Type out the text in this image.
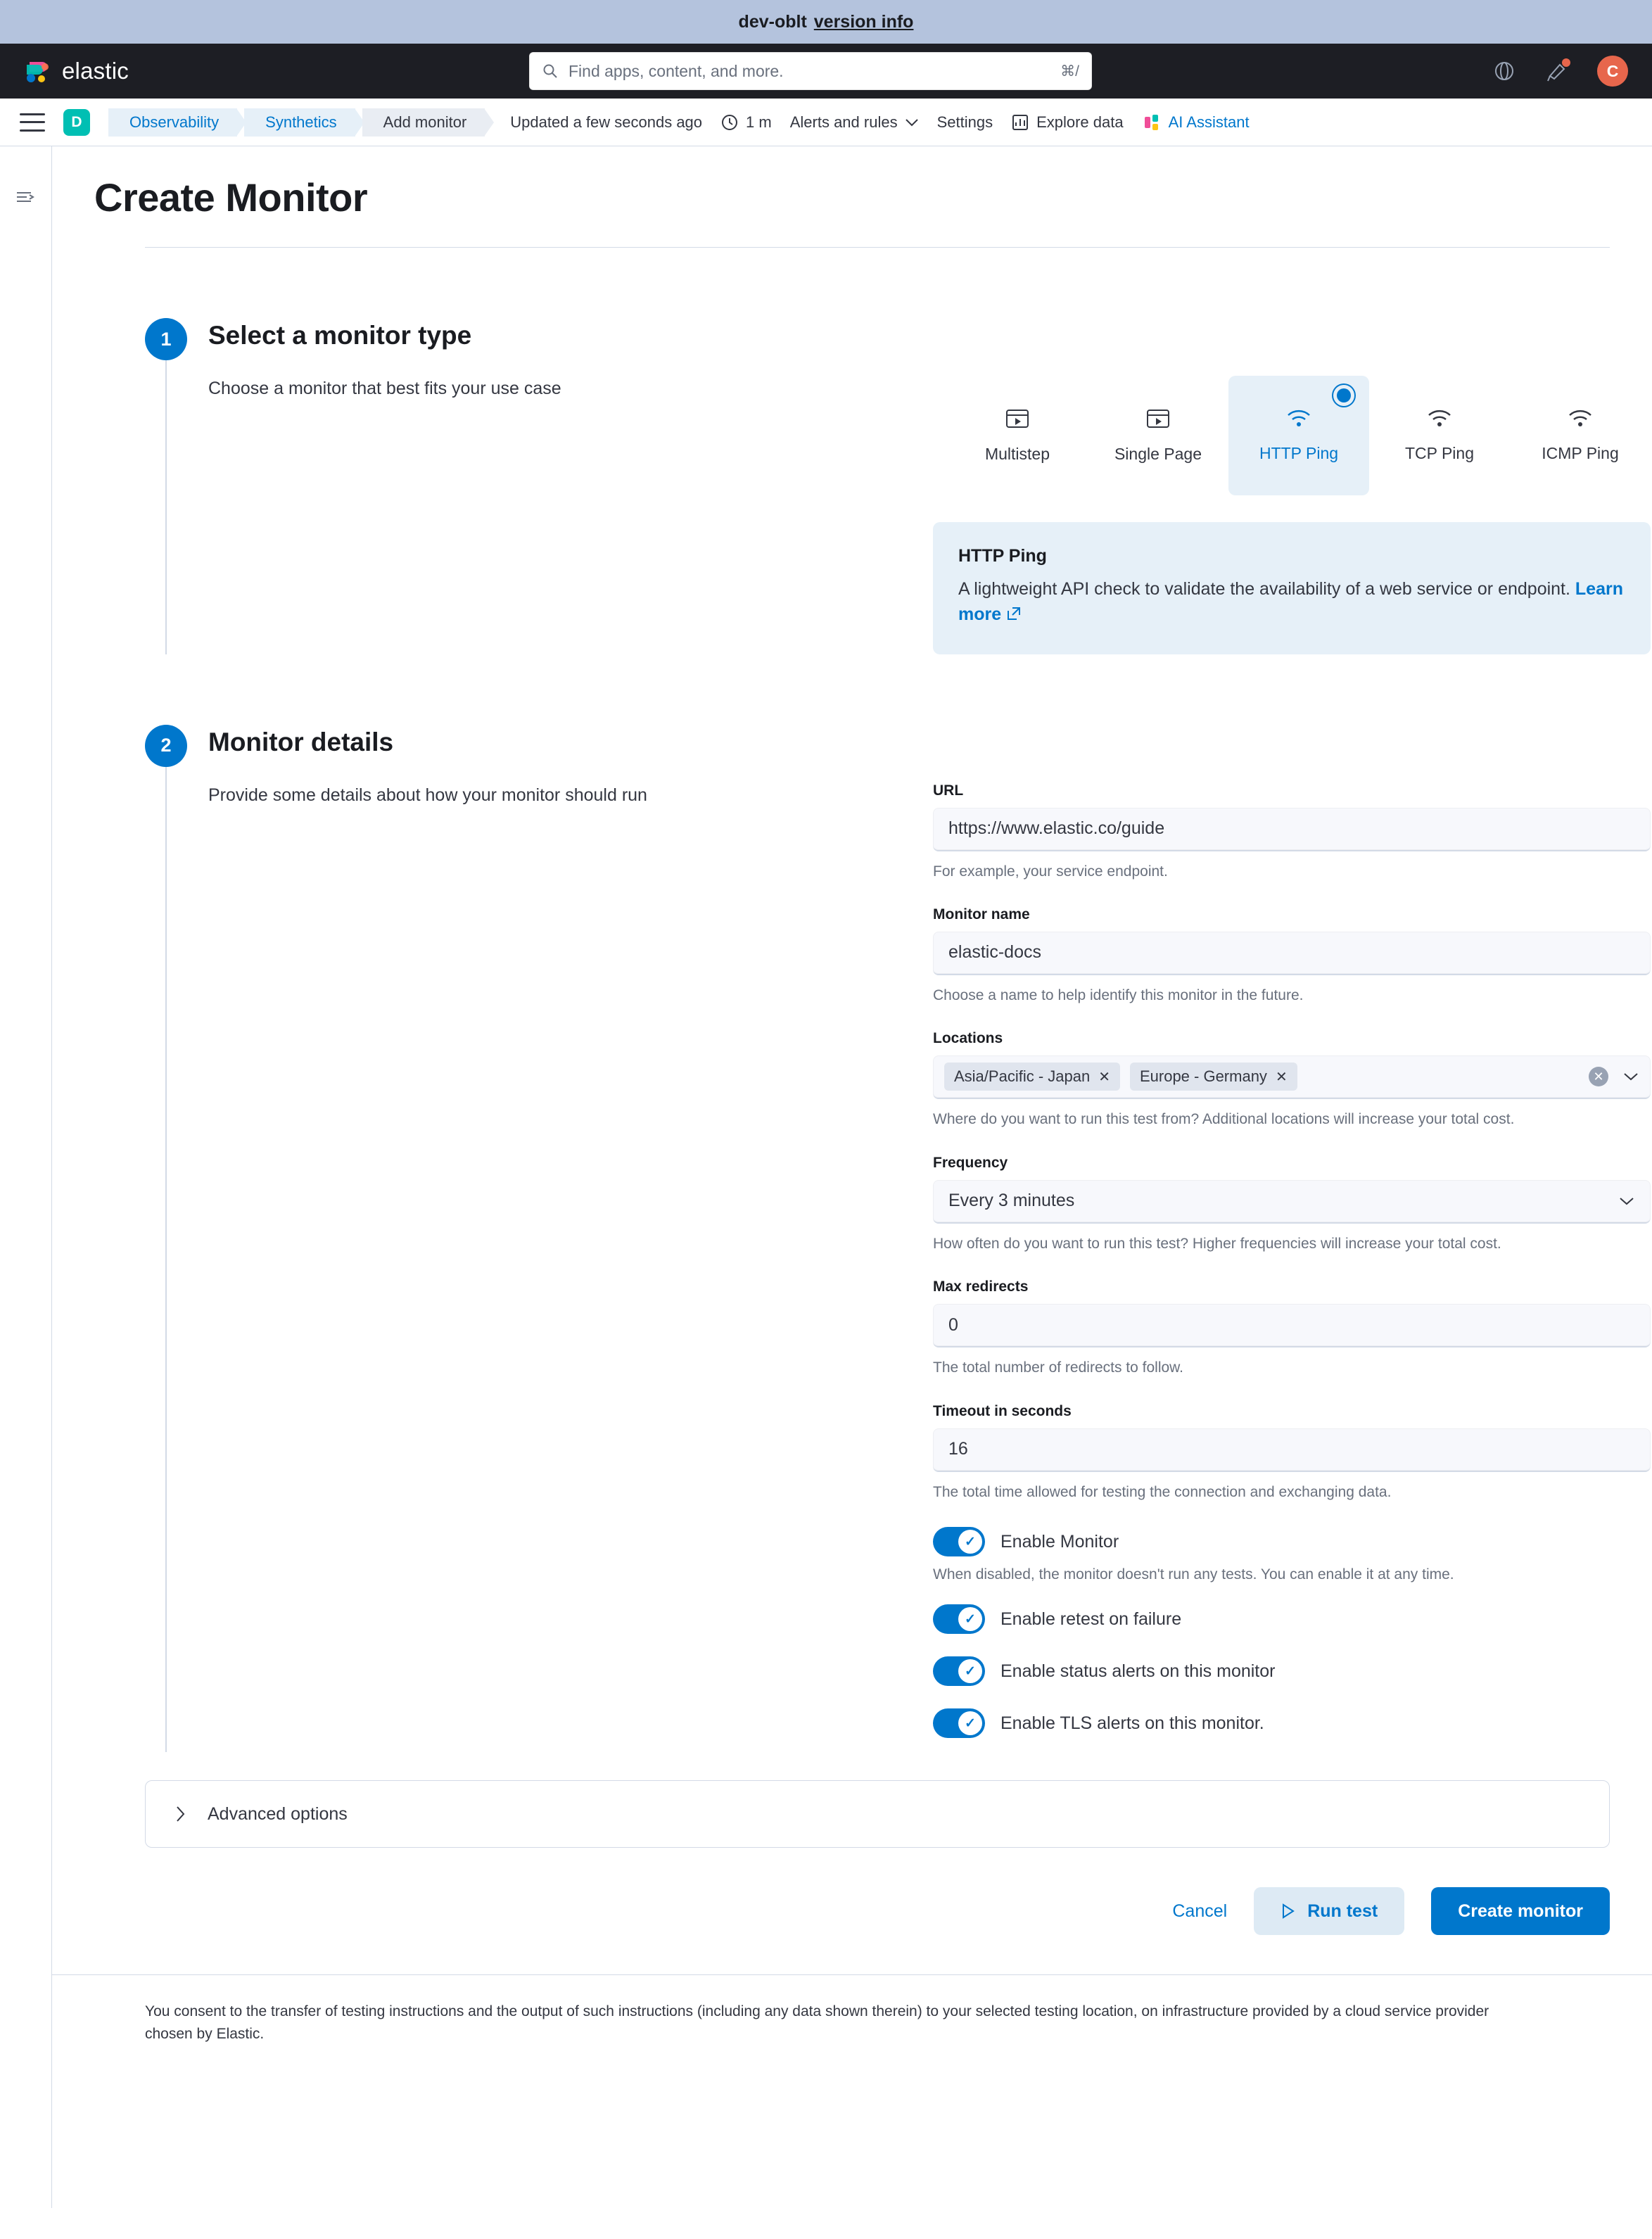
dev-oblt version info
elastic	Find apps, content, and more.	⌘/	C
D	Observability	Synthetics	Add monitor	Updated a few seconds ago	1 m Alerts and rules	Settings	Explore data	AI Assistant
Create Monitor
1	Select a monitor type
Choose a monitor that best fits your use case
Multistep	Single Page	HTTP Ping	TCP Ping	ICMP Ping
HTTP Ping

A lightweight API check to validate the availability of a web service or endpoint. Learn more

2	Monitor details
Provide some details about how your monitor should run	URL
https://www.elastic.co/guide
For example, your service endpoint.
Monitor name
elastic-docs
Choose a name to help identify this monitor in the future.
Locations
Asia/Pacific - Japan ✕ Europe - Germany ✕	✕
Where do you want to run this test from? Additional locations will increase your total cost.
Frequency
Every 3 minutes
How often do you want to run this test? Higher frequencies will increase your total cost.
Max redirects
0
The total number of redirects to follow.
Timeout in seconds
16
The total time allowed for testing the connection and exchanging data.
✓	Enable Monitor
When disabled, the monitor doesn't run any tests. You can enable it at any time.
✓	Enable retest on failure
✓	Enable status alerts on this monitor
✓	Enable TLS alerts on this monitor.
Advanced options
Cancel	Run test	Create monitor
You consent to the transfer of testing instructions and the output of such instructions (including any data shown therein) to your selected testing location, on infrastructure provided by a cloud service provider chosen by Elastic.
